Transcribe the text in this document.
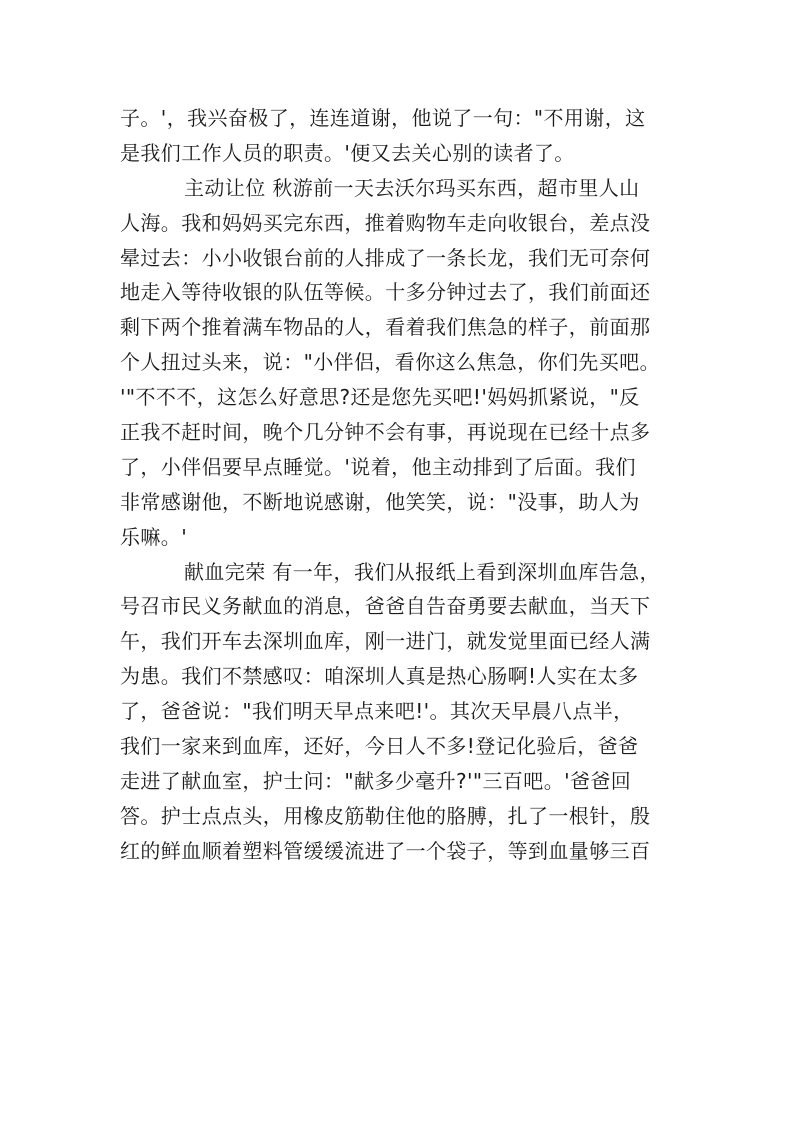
子。'，我兴奋极了，连连道谢，他说了一句："不用谢，这
是我们工作人员的职责。'便又去关心别的读者了。
主动让位 秋游前一天去沃尔玛买东西，超市里人山
人海。我和妈妈买完东西，推着购物车走向收银台，差点没
晕过去：小小收银台前的人排成了一条长龙，我们无可奈何
地走入等待收银的队伍等候。十多分钟过去了，我们前面还
剩下两个推着满车物品的人，看着我们焦急的样子，前面那
个人扭过头来，说："小伴侣，看你这么焦急，你们先买吧。
'"不不不，这怎么好意思?还是您先买吧!'妈妈抓紧说，"反
正我不赶时间，晚个几分钟不会有事，再说现在已经十点多
了，小伴侣要早点睡觉。'说着，他主动排到了后面。我们
非常感谢他，不断地说感谢，他笑笑，说："没事，助人为
乐嘛。'
献血完荣 有一年，我们从报纸上看到深圳血库告急，
号召市民义务献血的消息，爸爸自告奋勇要去献血，当天下
午，我们开车去深圳血库，刚一进门，就发觉里面已经人满
为患。我们不禁感叹：咱深圳人真是热心肠啊!人实在太多
了，爸爸说："我们明天早点来吧!'。其次天早晨八点半，
我们一家来到血库，还好，今日人不多!登记化验后，爸爸
走进了献血室，护士问："献多少毫升?'"三百吧。'爸爸回
答。护士点点头，用橡皮筋勒住他的胳膊，扎了一根针，殷
红的鲜血顺着塑料管缓缓流进了一个袋子，等到血量够三百
